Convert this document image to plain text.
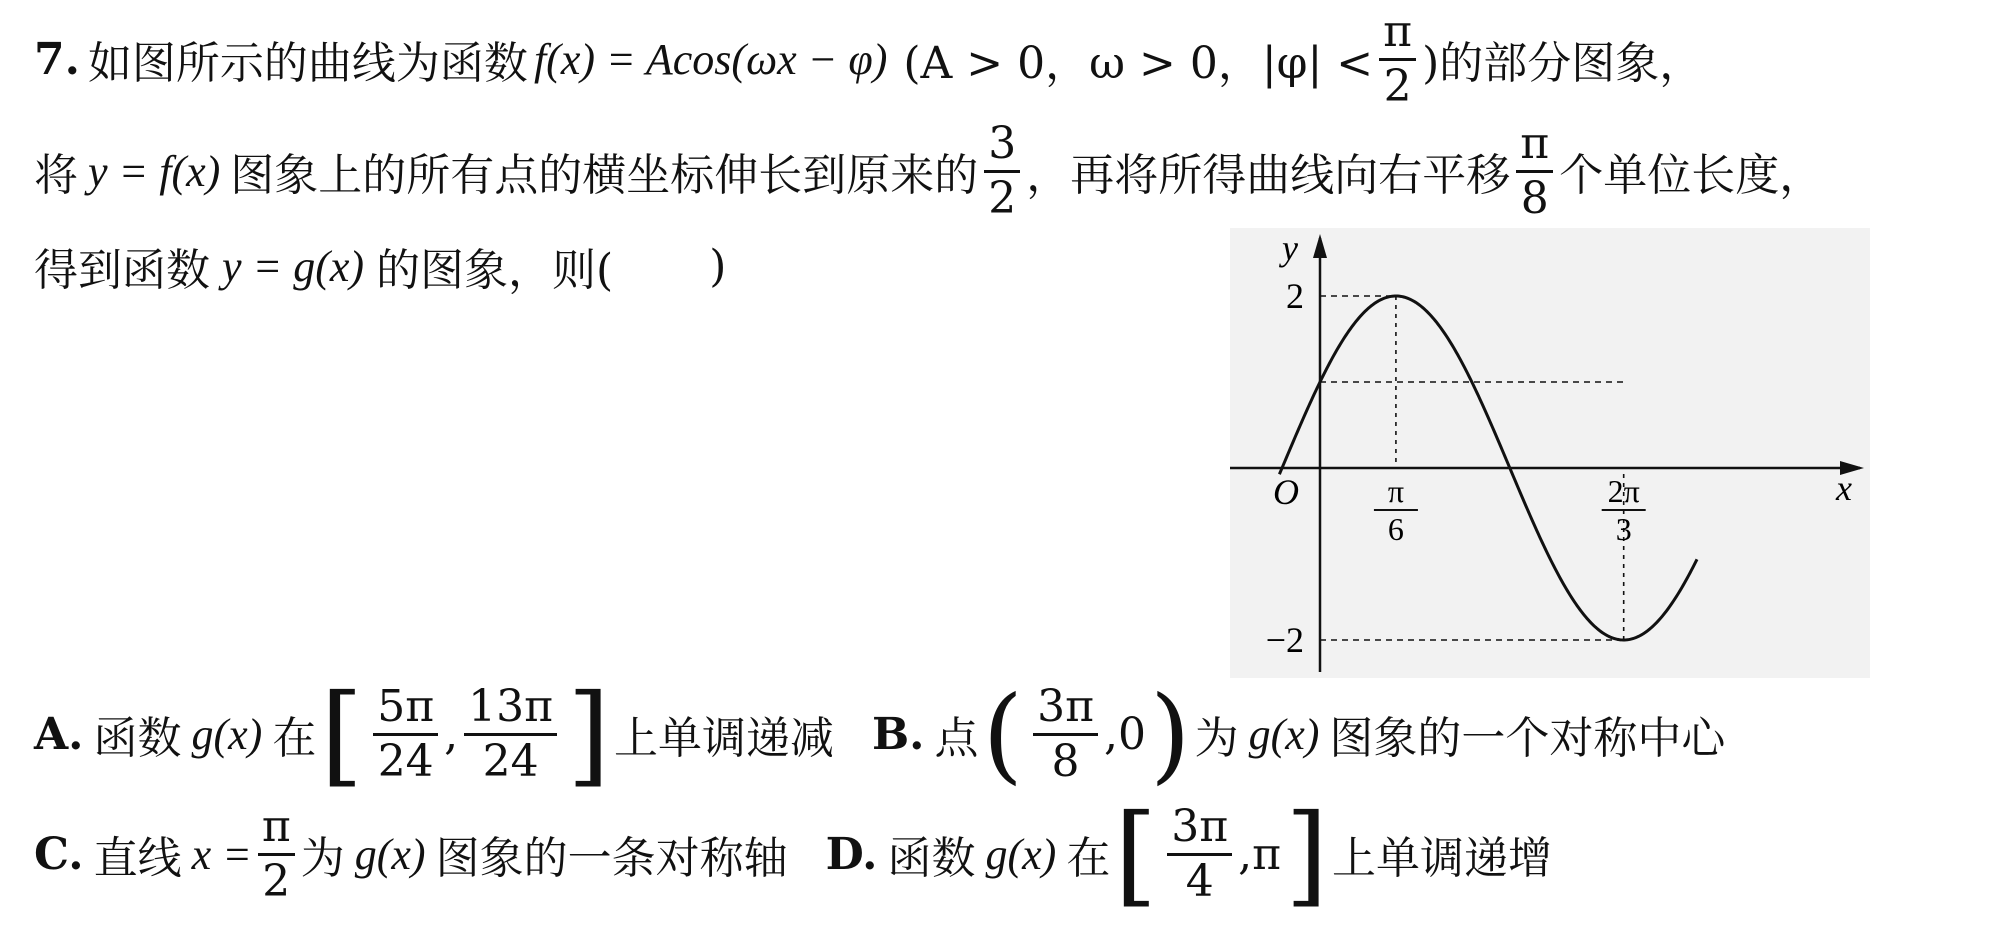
7. 如图所示的曲线为函数 f(x) = Acos(ωx − φ) (A > 0，ω > 0，$|\varphi| < \frac{\pi}{2}$ )的部分图象，
将 y = f(x) 图象上的所有点的横坐标伸长到原来的 $\frac{3}{2}$ ，再将所得曲线向右平移 $\frac{\pi}{8}$ 个单位长度，
得到函数 y = g(x) 的图象，则( )	y
x
O
2
−2
π
6
2π
3
A. 函数 g(x) 在 [ $\frac{5\pi}{24}$ , $\frac{13\pi}{24}$ ] 上单调递减 B. 点 ( $\frac{3\pi}{8} ,0$ ) 为 g(x) 图象的一个对称中心
C. 直线 $x = \frac{\pi}{2}$ 为 g(x) 图象的一条对称轴 D. 函数 g(x) 在 [ $\frac{3\pi}{4} ,\pi$ ] 上单调递增
